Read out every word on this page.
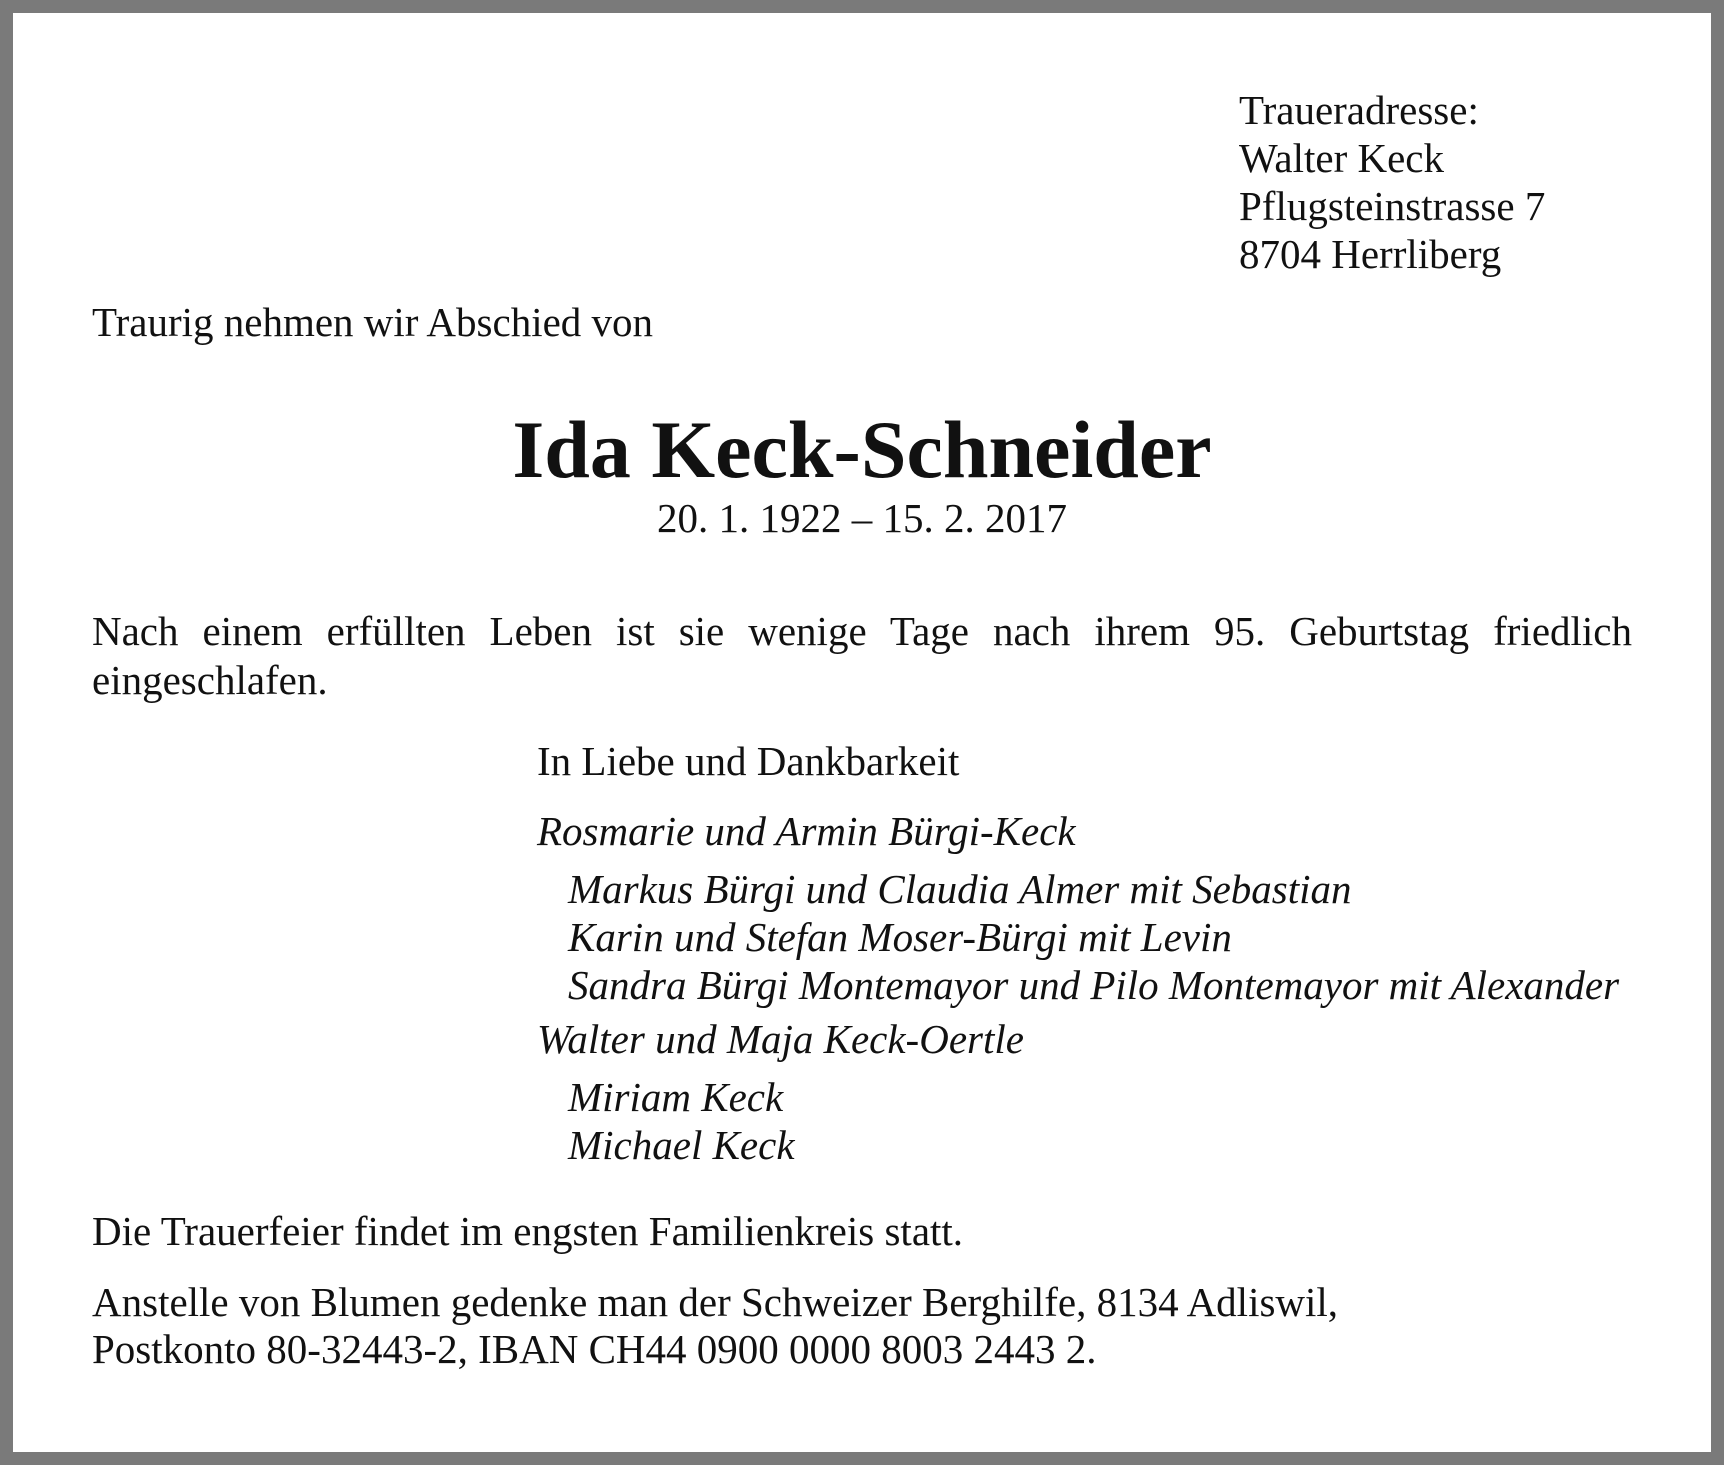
Traueradresse:
Walter Keck
Pflugsteinstrasse 7
8704 Herrliberg
Traurig nehmen wir Abschied von
Ida Keck-Schneider
20. 1. 1922 – 15. 2. 2017
Nach einem erfüllten Leben ist sie wenige Tage nach ihrem 95. Geburtstag friedlich eingeschlafen.
In Liebe und Dankbarkeit
Rosmarie und Armin Bürgi-Keck
Markus Bürgi und Claudia Almer mit Sebastian
Karin und Stefan Moser-Bürgi mit Levin
Sandra Bürgi Montemayor und Pilo Montemayor mit Alexander
Walter und Maja Keck-Oertle
Miriam Keck
Michael Keck
Die Trauerfeier findet im engsten Familienkreis statt.
Anstelle von Blumen gedenke man der Schweizer Berghilfe, 8134 Adliswil,
Postkonto 80-32443-2, IBAN CH44 0900 0000 8003 2443 2.
